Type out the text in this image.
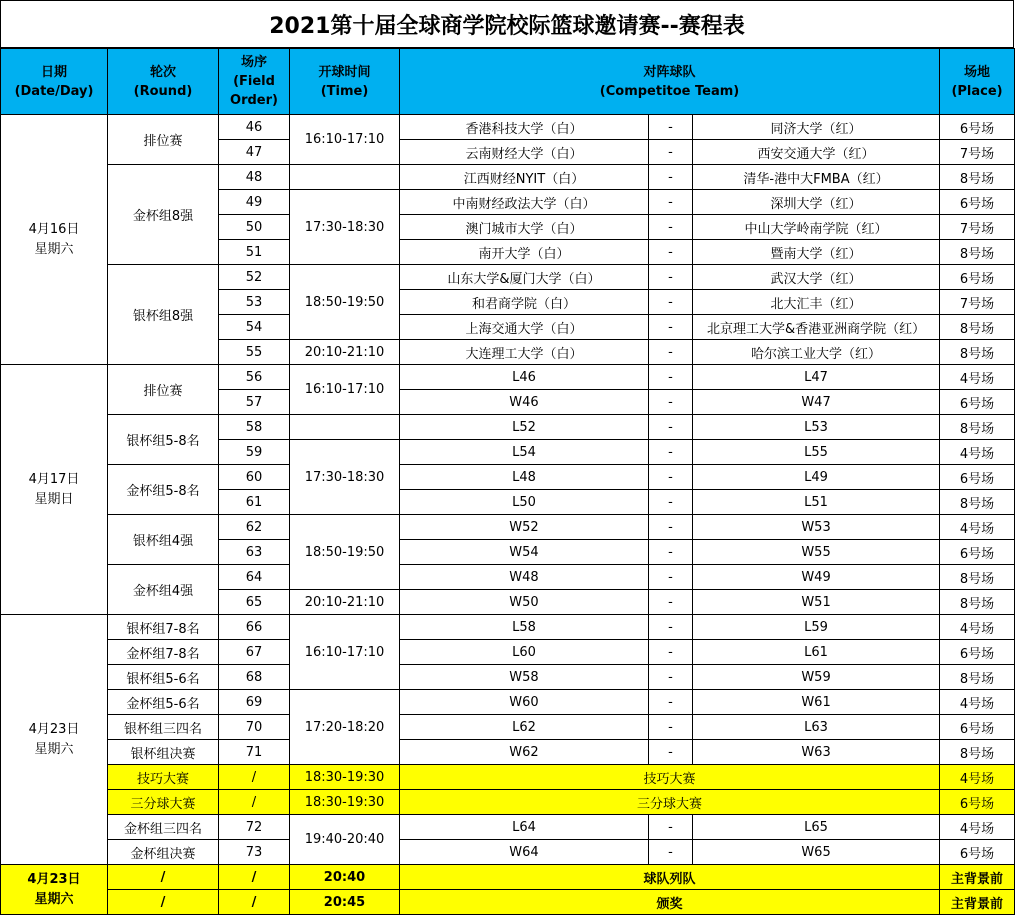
2021第十届全球商学院校际篮球邀请赛--赛程表
日期
(Date/Day)	轮次
(Round)	场序
(Field
Order)	开球时间
(Time)	对阵球队
(Competitoe Team)			场地
(Place)

4月16日
星期六	排位赛	46	16:10-17:10	香港科技大学（白）	-	同济大学（红）	6号场
		47		云南财经大学（白）	-	西安交通大学（红）	7号场
	金杯组8强	48		江西财经NYIT（白）	-	清华-港中大FMBA（红）	8号场
		49	17:30-18:30	中南财经政法大学（白）	-	深圳大学（红）	6号场
		50		澳门城市大学（白）	-	中山大学岭南学院（红）	7号场
		51		南开大学（白）	-	暨南大学（红）	8号场
	银杯组8强	52	18:50-19:50	山东大学&厦门大学（白）	-	武汉大学（红）	6号场
		53		和君商学院（白）	-	北大汇丰（红）	7号场
		54		上海交通大学（白）	-	北京理工大学&香港亚洲商学院（红）	8号场
		55	20:10-21:10	大连理工大学（白）	-	哈尔滨工业大学（红）	8号场

4月17日
星期日	排位赛	56	16:10-17:10	L46	-	L47	4号场
		57		W46	-	W47	6号场
	银杯组5-8名	58		L52	-	L53	8号场
		59	17:30-18:30	L54	-	L55	4号场
	金杯组5-8名	60		L48	-	L49	6号场
		61		L50	-	L51	8号场
	银杯组4强	62	18:50-19:50	W52	-	W53	4号场
		63		W54	-	W55	6号场
	金杯组4强	64		W48	-	W49	8号场
		65	20:10-21:10	W50	-	W51	8号场

4月23日
星期六	银杯组7-8名	66	16:10-17:10	L58	-	L59	4号场
	金杯组7-8名	67		L60	-	L61	6号场
	银杯组5-6名	68		W58	-	W59	8号场
	金杯组5-6名	69	17:20-18:20	W60	-	W61	4号场
	银杯组三四名	70		L62	-	L63	6号场
	银杯组决赛	71		W62	-	W63	8号场
	技巧大赛	/	18:30-19:30	技巧大赛			4号场
	三分球大赛	/	18:30-19:30	三分球大赛			6号场
	金杯组三四名	72	19:40-20:40	L64	-	L65	4号场
	金杯组决赛	73		W64	-	W65	6号场

4月23日
星期六	/	/	20:40	球队列队			主背景前
	/	/	20:45	颁奖			主背景前
